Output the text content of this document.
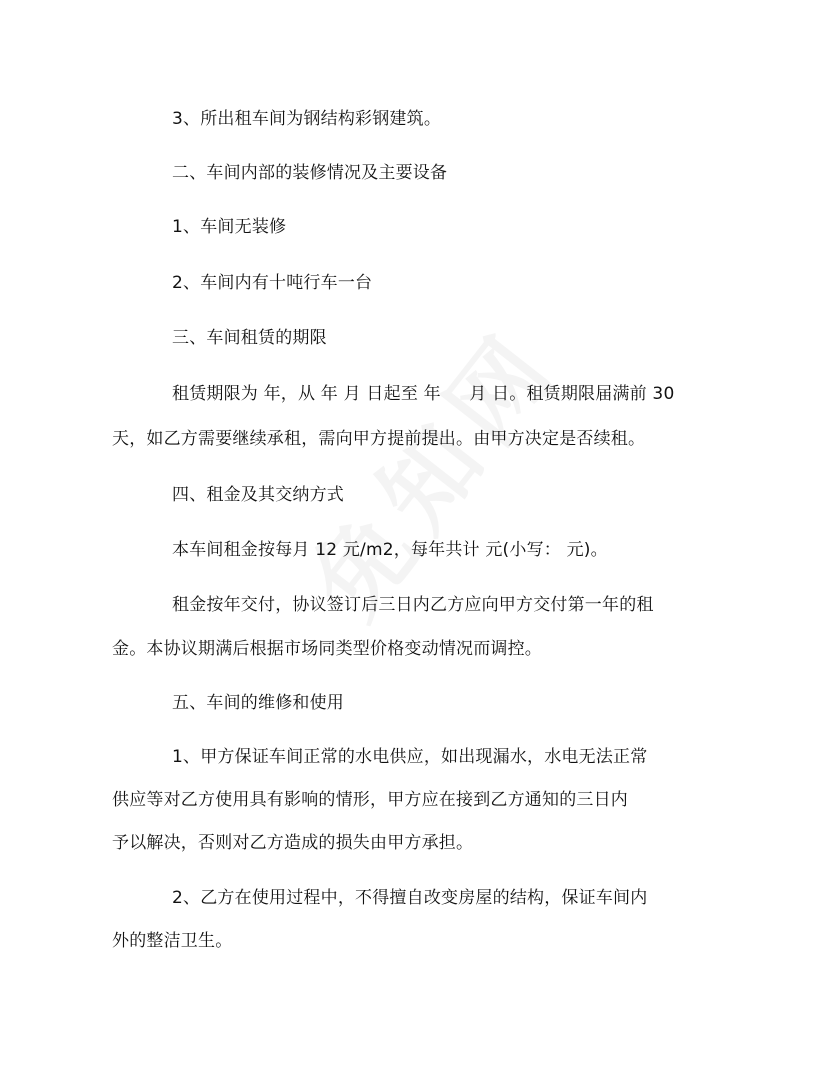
3、所出租车间为钢结构彩钢建筑。
二、车间内部的装修情况及主要设备
1、车间无装修
2、车间内有十吨行车一台
三、车间租赁的期限
租赁期限为 年，从 年 月 日起至 年 　 月 日。租赁期限届满前 30
天，如乙方需要继续承租，需向甲方提前提出。由甲方决定是否续租。
四、租金及其交纳方式
本车间租金按每月 12 元/m2，每年共计 元(小写： 元)。
租金按年交付，协议签订后三日内乙方应向甲方交付第一年的租
金。本协议期满后根据市场同类型价格变动情况而调控。
五、车间的维修和使用
1、甲方保证车间正常的水电供应，如出现漏水，水电无法正常
供应等对乙方使用具有影响的情形，甲方应在接到乙方通知的三日内
予以解决，否则对乙方造成的损失由甲方承担。
2、乙方在使用过程中，不得擅自改变房屋的结构，保证车间内
外的整洁卫生。
